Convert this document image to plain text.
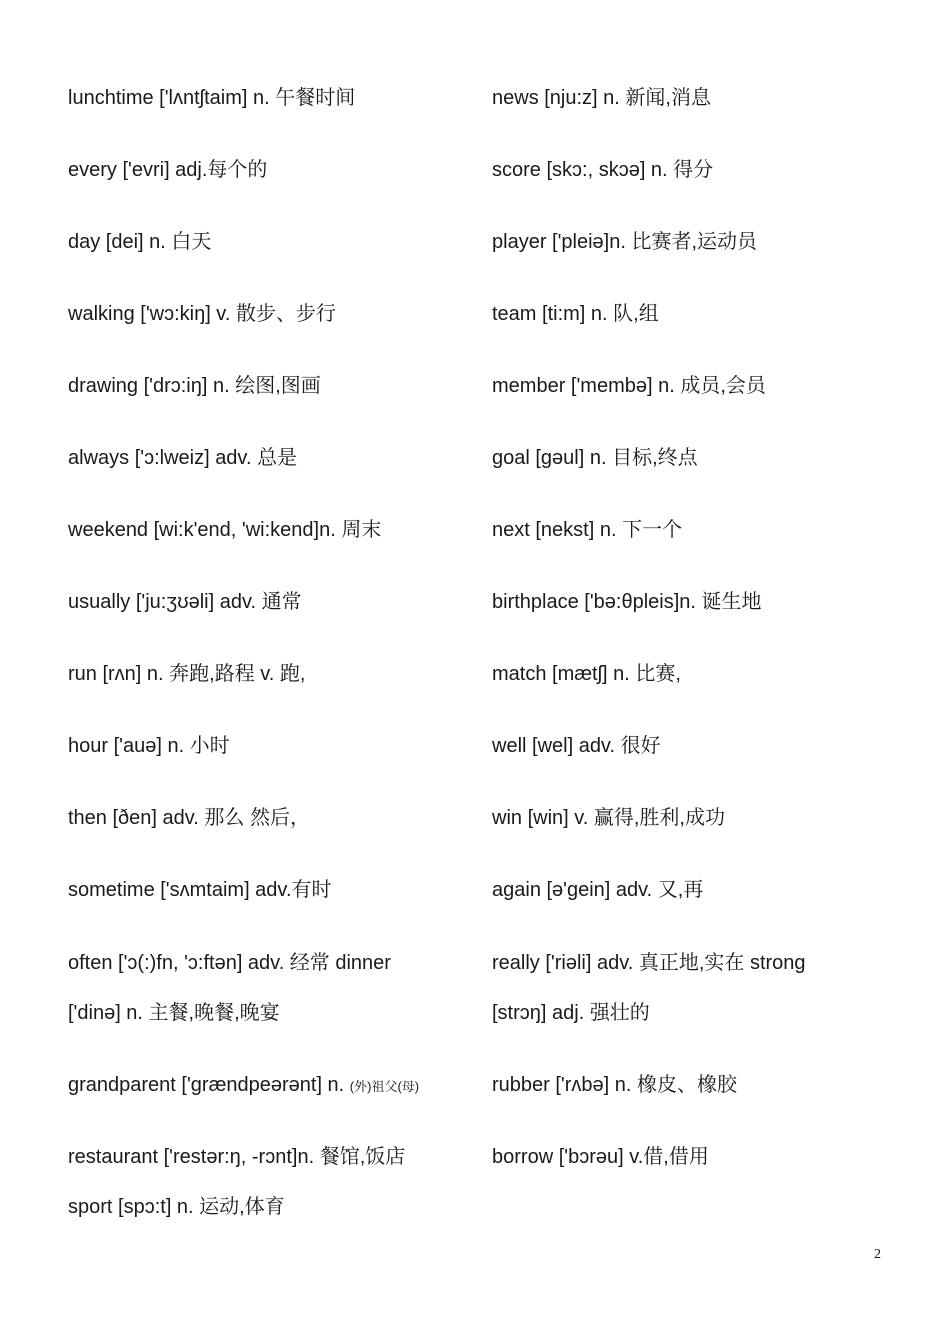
lunchtime ['lʌntʃtaim] n. 午餐时间
every ['evri] adj.每个的
day [dei] n. 白天
walking ['wɔ:kiŋ] v. 散步、步行
drawing ['drɔ:iŋ] n. 绘图,图画
always ['ɔ:lweiz] adv. 总是
weekend [wi:k'end, 'wi:kend]n. 周末
usually ['ju:ʒʊəli] adv. 通常
run [rʌn] n. 奔跑,路程 v. 跑,
hour ['auə] n. 小时
then [ðen] adv. 那么 然后，
sometime ['sʌmtaim] adv.有时
often ['ɔ(:)fn, 'ɔ:ftən] adv. 经常 dinner
['dinə] n. 主餐,晚餐,晚宴
grandparent ['grændpeərənt] n. (外)祖父(母)
restaurant ['restər:ŋ, -rɔnt]n. 餐馆,饭店
sport [spɔ:t] n. 运动,体育
news [nju:z] n. 新闻,消息
score [skɔ:, skɔə] n. 得分
player ['pleiə]n. 比赛者,运动员
team [ti:m] n. 队,组
member ['membə] n. 成员,会员
goal [gəul] n. 目标,终点
next [nekst] n. 下一个
birthplace ['bə:θpleis]n. 诞生地
match [mætʃ] n. 比赛,
well [wel] adv. 很好
win [win] v. 赢得,胜利,成功
again [ə'gein] adv. 又,再
really ['riəli] adv. 真正地,实在 strong
[strɔŋ] adj. 强壮的
rubber ['rʌbə] n. 橡皮、橡胶
borrow ['bɔrəu] v.借,借用
2
